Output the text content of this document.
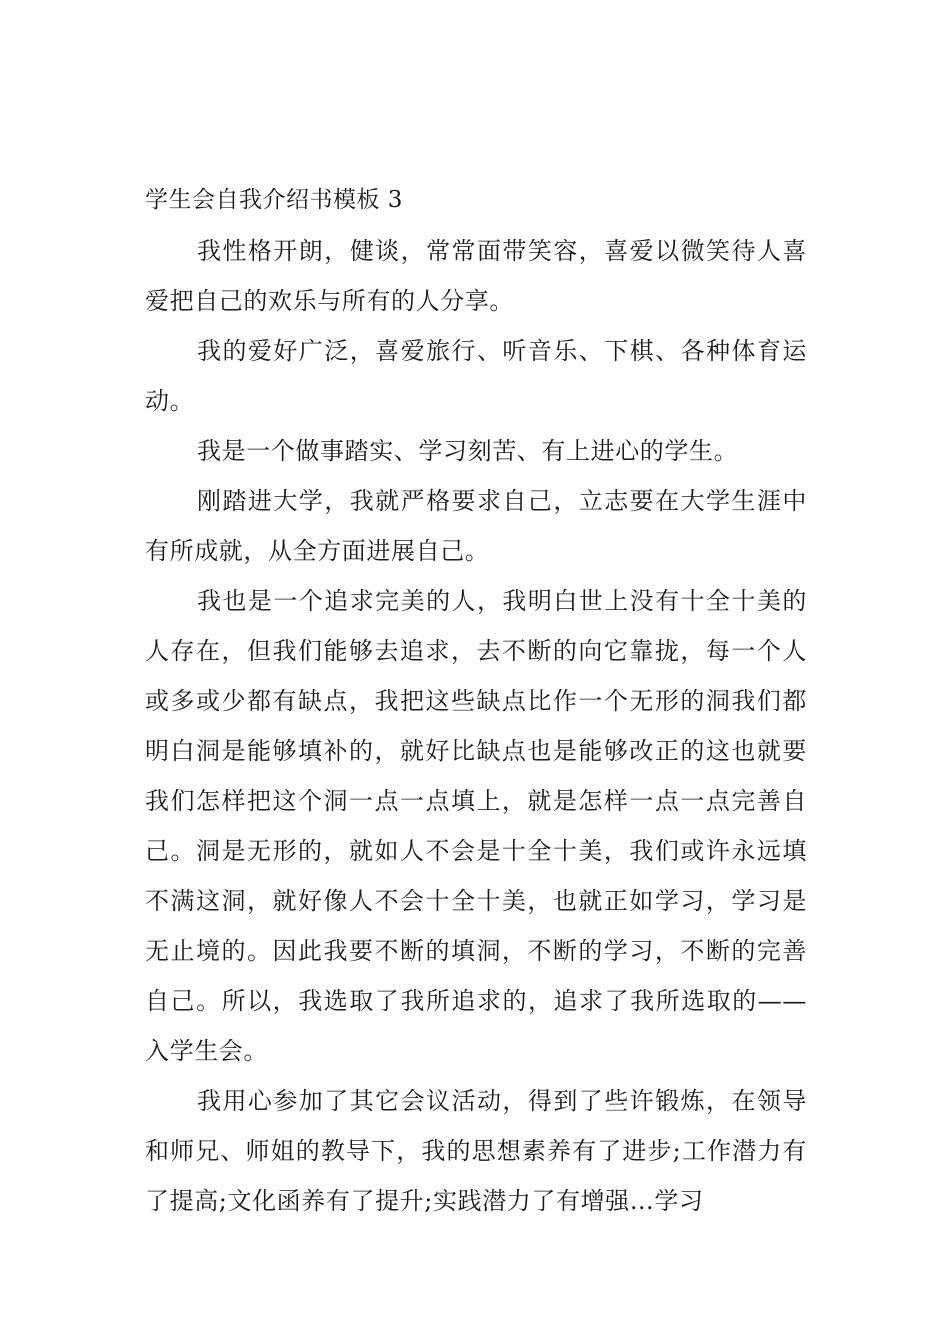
学生会自我介绍书模板 3

我性格开朗，健谈，常常面带笑容，喜爱以微笑待人喜爱把自己的欢乐与所有的人分享。

我的爱好广泛，喜爱旅行、听音乐、下棋、各种体育运动。

我是一个做事踏实、学习刻苦、有上进心的学生。

刚踏进大学，我就严格要求自己，立志要在大学生涯中有所成就，从全方面进展自己。

我也是一个追求完美的人，我明白世上没有十全十美的人存在，但我们能够去追求，去不断的向它靠拢，每一个人或多或少都有缺点，我把这些缺点比作一个无形的洞我们都明白洞是能够填补的，就好比缺点也是能够改正的这也就要我们怎样把这个洞一点一点填上，就是怎样一点一点完善自己。洞是无形的，就如人不会是十全十美，我们或许永远填不满这洞，就好像人不会十全十美，也就正如学习，学习是无止境的。因此我要不断的填洞，不断的学习，不断的完善自己。所以，我选取了我所追求的，追求了我所选取的——入学生会。

我用心参加了其它会议活动，得到了些许锻炼，在领导和师兄、师姐的教导下，我的思想素养有了进步;工作潜力有了提高;文化函养有了提升;实践潜力了有增强…学习
